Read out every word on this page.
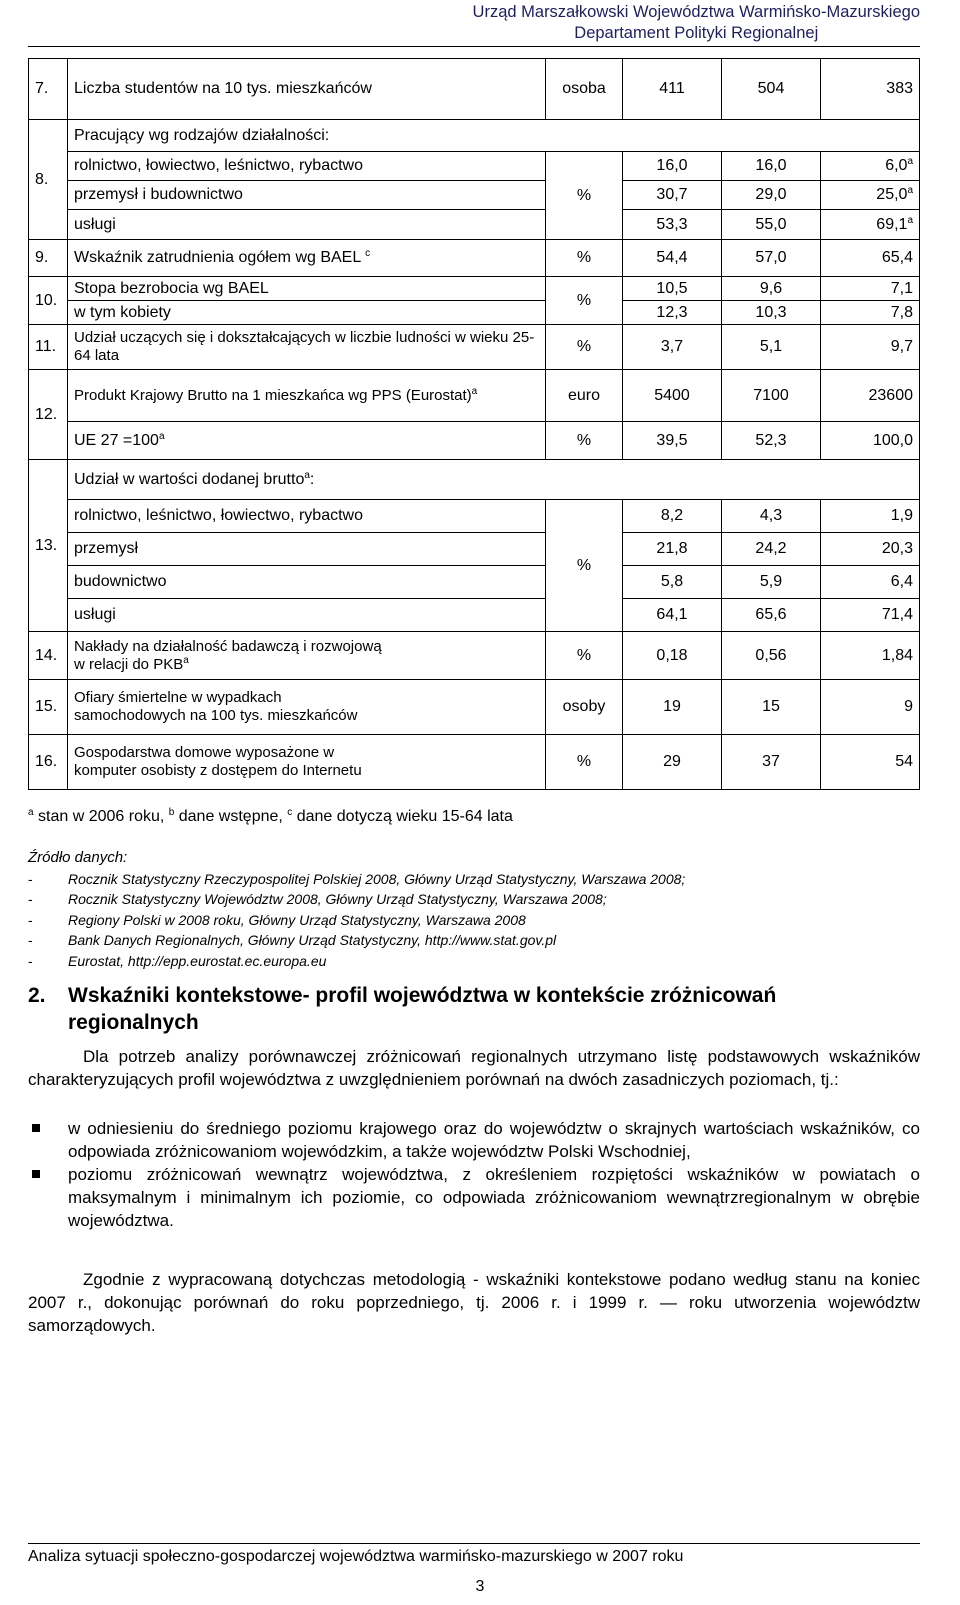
Urząd Marszałkowski Województwa Warmińsko-Mazurskiego
Departament Polityki Regionalnej
7.	Liczba studentów na 10 tys. mieszkańców	osoba	411	504	383
8.	Pracujący wg rodzajów działalności:				
	rolnictwo, łowiectwo, leśnictwo, rybactwo	%	16,0	16,0	6,0$^a$
	przemysł i budownictwo		30,7	29,0	25,0$^a$
	usługi		53,3	55,0	69,1$^a$
9.	Wskaźnik zatrudnienia ogółem wg BAEL $^c$	%	54,4	57,0	65,4
10.	Stopa bezrobocia wg BAEL	%	10,5	9,6	7,1
	w tym kobiety		12,3	10,3	7,8
11.	Udział uczących się i dokształcających w liczbie ludności w wieku 25-64 lata	%	3,7	5,1	9,7
12.	Produkt Krajowy Brutto na 1 mieszkańca wg PPS (Eurostat)$^a$	euro	5400	7100	23600
	UE $27 =100^a$	%	39,5	52,3	100,0
13.	Udział w wartości dodanej brutto$^a$:				
	rolnictwo, leśnictwo, łowiectwo, rybactwo	%	8,2	4,3	1,9
	przemysł		21,8	24,2	20,3
	budownictwo		5,8	5,9	6,4
	usługi		64,1	65,6	71,4
14.	Nakłady na działalność badawczą i rozwojową
w relacji do PKB$^a$	%	0,18	0,56	1,84
15.	Ofiary śmiertelne w wypadkach
samochodowych na 100 tys. mieszkańców	osoby	19	15	9
16.	Gospodarstwa domowe wyposażone w
komputer osobisty z dostępem do Internetu	%	29	37	54
$^a$ stan w 2006 roku, $^b$ dane wstępne, $^c$ dane dotyczą wieku 15-64 lata
Źródło danych:
-	Rocznik Statystyczny Rzeczypospolitej Polskiej 2008, Główny Urząd Statystyczny, Warszawa 2008;
-	Rocznik Statystyczny Województw 2008, Główny Urząd Statystyczny, Warszawa 2008;
-	Regiony Polski w 2008 roku, Główny Urząd Statystyczny, Warszawa 2008
-	Bank Danych Regionalnych, Główny Urząd Statystyczny, http://www.stat.gov.pl
-	Eurostat, http://epp.eurostat.ec.europa.eu
2. Wskaźniki kontekstowe- profil województwa w kontekście zróżnicowań
regionalnych
Dla potrzeb analizy porównawczej zróżnicowań regionalnych utrzymano listę podstawowych wskaźników charakteryzujących profil województwa z uwzględnieniem porównań na dwóch zasadniczych poziomach, tj.:
w odniesieniu do średniego poziomu krajowego oraz do województw o skrajnych wartościach wskaźników, co odpowiada zróżnicowaniom wojewódzkim, a także województw Polski Wschodniej,
poziomu zróżnicowań wewnątrz województwa, z określeniem rozpiętości wskaźników w powiatach o maksymalnym i minimalnym ich poziomie, co odpowiada zróżnicowaniom wewnątrzregionalnym w obrębie województwa.
Zgodnie z wypracowaną dotychczas metodologią - wskaźniki kontekstowe podano według stanu na koniec 2007 r., dokonując porównań do roku poprzedniego, tj. 2006 r. i 1999 r. — roku utworzenia województw samorządowych.
Analiza sytuacji społeczno-gospodarczej województwa warmińsko-mazurskiego w 2007 roku
3
